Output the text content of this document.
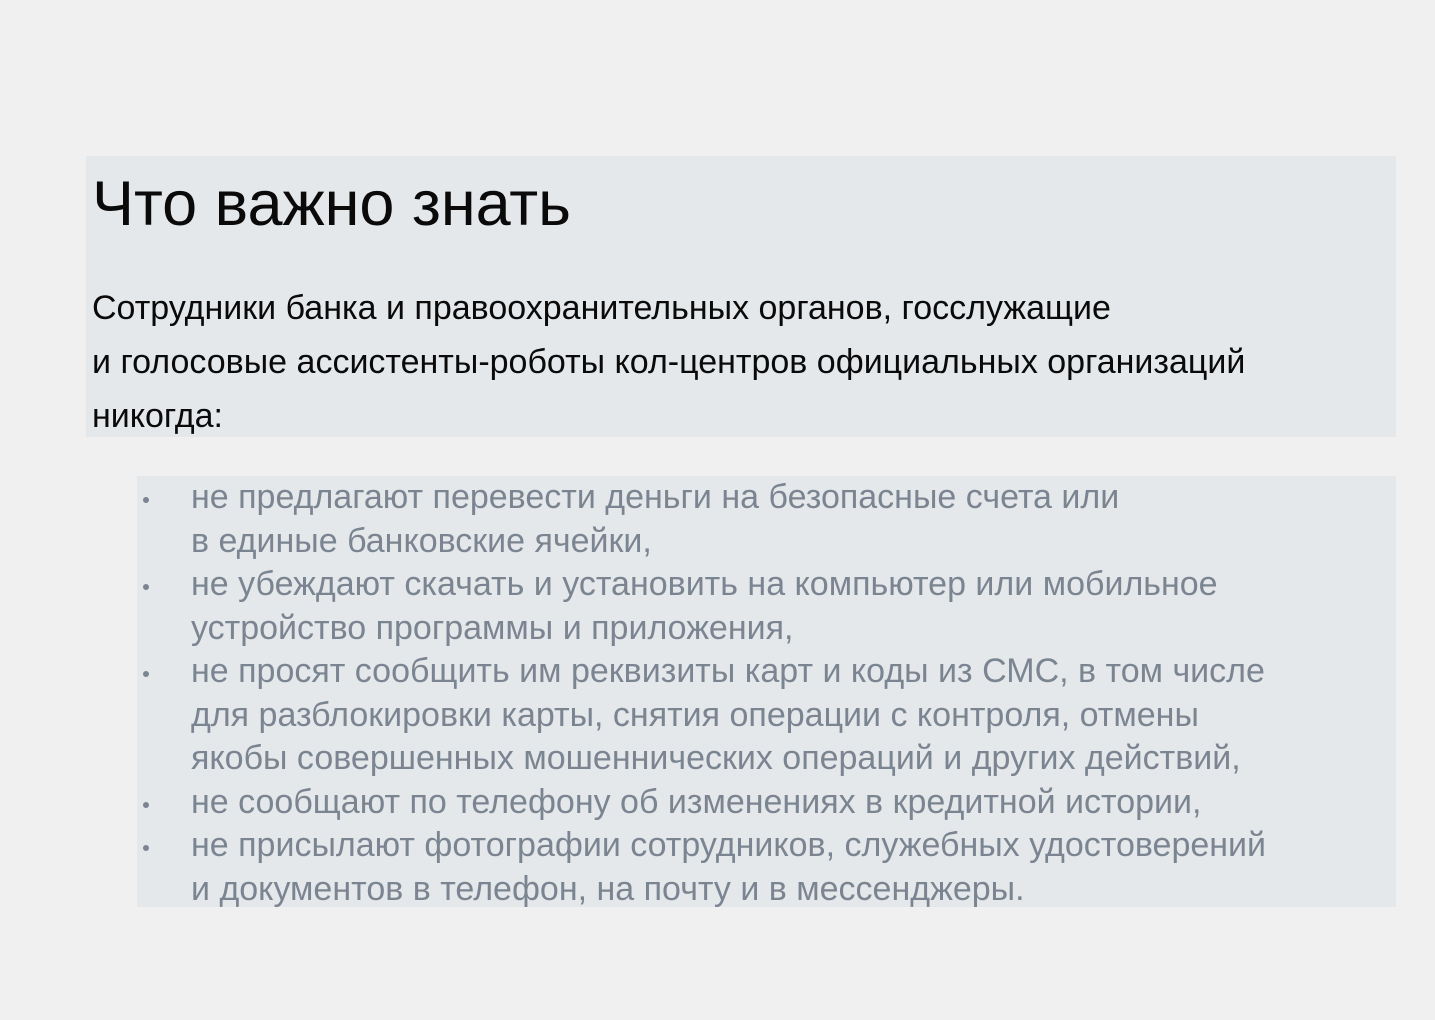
Что важно знать

Сотрудники банка и правоохранительных органов, госслужащие
и голосовые ассистенты-роботы кол-центров официальных организаций
никогда:

не предлагают перевести деньги на безопасные счета или
в единые банковские ячейки,
не убеждают скачать и установить на компьютер или мобильное
устройство программы и приложения,
не просят сообщить им реквизиты карт и коды из СМС, в том числе
для разблокировки карты, снятия операции с контроля, отмены
якобы совершенных мошеннических операций и других действий,
не сообщают по телефону об изменениях в кредитной истории,
не присылают фотографии сотрудников, служебных удостоверений
и документов в телефон, на почту и в мессенджеры.
